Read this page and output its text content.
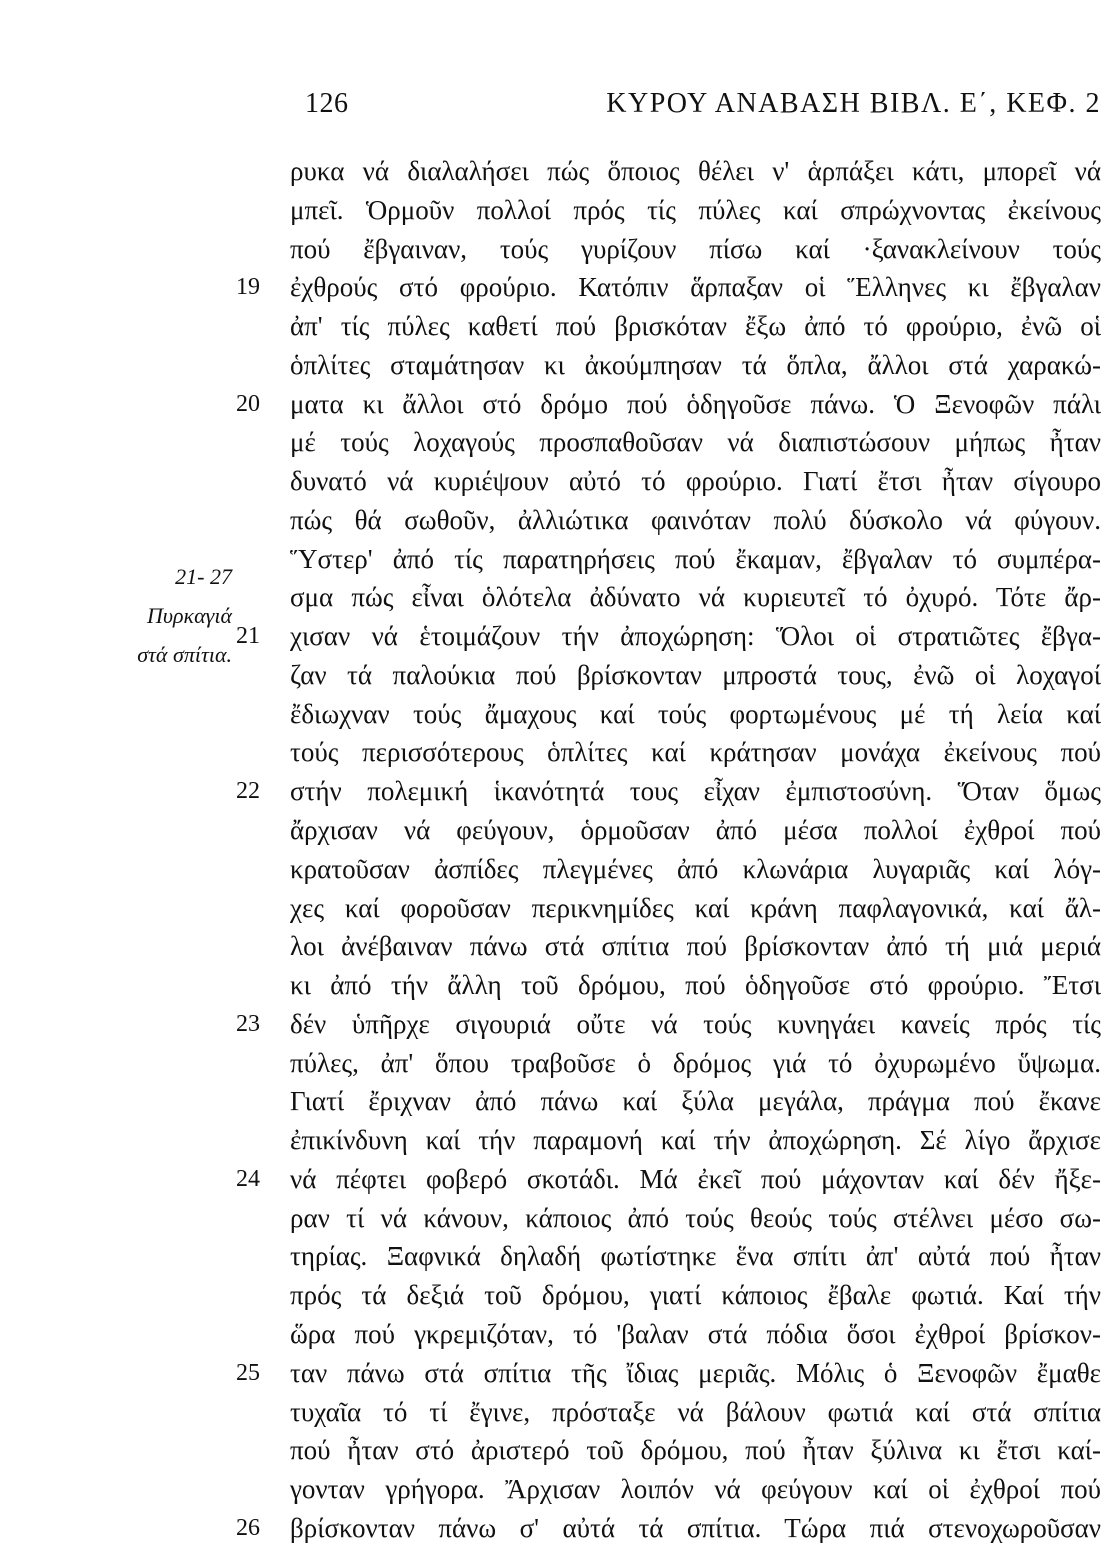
126	ΚΥΡΟΥ ΑΝΑΒΑΣΗ ΒΙΒΛ. Ε΄, ΚΕΦ. 2
ρυκα νά διαλαλήσει πώς ὅποιος θέλει ν' ἁρπάξει κάτι, μπορεῖ νά
μπεῖ. Ὁρμοῦν πολλοί πρός τίς πύλες καί σπρώχνοντας ἐκείνους
πού ἔβγαιναν, τούς γυρίζουν πίσω καί ·ξανακλείνουν τούς
19	ἐχθρούς στό φρούριο. Κατόπιν ἅρπαξαν οἱ Ἕλληνες κι ἔβγαλαν
ἀπ' τίς πύλες καθετί πού βρισκόταν ἔξω ἀπό τό φρούριο, ἐνῶ οἱ
ὁπλίτες σταμάτησαν κι ἀκούμπησαν τά ὅπλα, ἄλλοι στά χαρακώ-
20	ματα κι ἄλλοι στό δρόμο πού ὁδηγοῦσε πάνω. Ὁ Ξενοφῶν πάλι
μέ τούς λοχαγούς προσπαθοῦσαν νά διαπιστώσουν μήπως ἦταν
δυνατό νά κυριέψουν αὐτό τό φρούριο. Γιατί ἔτσι ἦταν σίγουρο
πώς θά σωθοῦν, ἀλλιώτικα φαινόταν πολύ δύσκολο νά φύγουν.
Ὕστερ' ἀπό τίς παρατηρήσεις πού ἔκαμαν, ἔβγαλαν τό συμπέρα-
σμα πώς εἶναι ὁλότελα ἀδύνατο νά κυριευτεῖ τό ὀχυρό. Τότε ἄρ-
21	χισαν νά ἑτοιμάζουν τήν ἀποχώρηση: Ὅλοι οἱ στρατιῶτες ἔβγα-
ζαν τά παλούκια πού βρίσκονταν μπροστά τους, ἐνῶ οἱ λοχαγοί
ἔδιωχναν τούς ἄμαχους καί τούς φορτωμένους μέ τή λεία καί
τούς περισσότερους ὁπλίτες καί κράτησαν μονάχα ἐκείνους πού
22	στήν πολεμική ἱκανότητά τους εἶχαν ἐμπιστοσύνη. Ὅταν ὅμως
ἄρχισαν νά φεύγουν, ὁρμοῦσαν ἀπό μέσα πολλοί ἐχθροί πού
κρατοῦσαν ἀσπίδες πλεγμένες ἀπό κλωνάρια λυγαριᾶς καί λόγ-
χες καί φοροῦσαν περικνημίδες καί κράνη παφλαγονικά, καί ἄλ-
λοι ἀνέβαιναν πάνω στά σπίτια πού βρίσκονταν ἀπό τή μιά μεριά
κι ἀπό τήν ἄλλη τοῦ δρόμου, πού ὁδηγοῦσε στό φρούριο. Ἔτσι
23	δέν ὑπῆρχε σιγουριά οὔτε νά τούς κυνηγάει κανείς πρός τίς
πύλες, ἀπ' ὅπου τραβοῦσε ὁ δρόμος γιά τό ὀχυρωμένο ὕψωμα.
Γιατί ἔριχναν ἀπό πάνω καί ξύλα μεγάλα, πράγμα πού ἔκανε
ἐπικίνδυνη καί τήν παραμονή καί τήν ἀποχώρηση. Σέ λίγο ἄρχισε
24	νά πέφτει φοβερό σκοτάδι. Μά ἐκεῖ πού μάχονταν καί δέν ἤξε-
ραν τί νά κάνουν, κάποιος ἀπό τούς θεούς τούς στέλνει μέσο σω-
τηρίας. Ξαφνικά δηλαδή φωτίστηκε ἕνα σπίτι ἀπ' αὐτά πού ἦταν
πρός τά δεξιά τοῦ δρόμου, γιατί κάποιος ἔβαλε φωτιά. Καί τήν
ὥρα πού γκρεμιζόταν, τό 'βαλαν στά πόδια ὅσοι ἐχθροί βρίσκον-
25	ταν πάνω στά σπίτια τῆς ἴδιας μεριᾶς. Μόλις ὁ Ξενοφῶν ἔμαθε
τυχαῖα τό τί ἔγινε, πρόσταξε νά βάλουν φωτιά καί στά σπίτια
πού ἦταν στό ἀριστερό τοῦ δρόμου, πού ἦταν ξύλινα κι ἔτσι καί-
γονταν γρήγορα. Ἄρχισαν λοιπόν νά φεύγουν καί οἱ ἐχθροί πού
26	βρίσκονταν πάνω σ' αὐτά τά σπίτια. Τώρα πιά στενοχωροῦσαν
21- 27
Πυρκαγιά
στά σπίτια.
